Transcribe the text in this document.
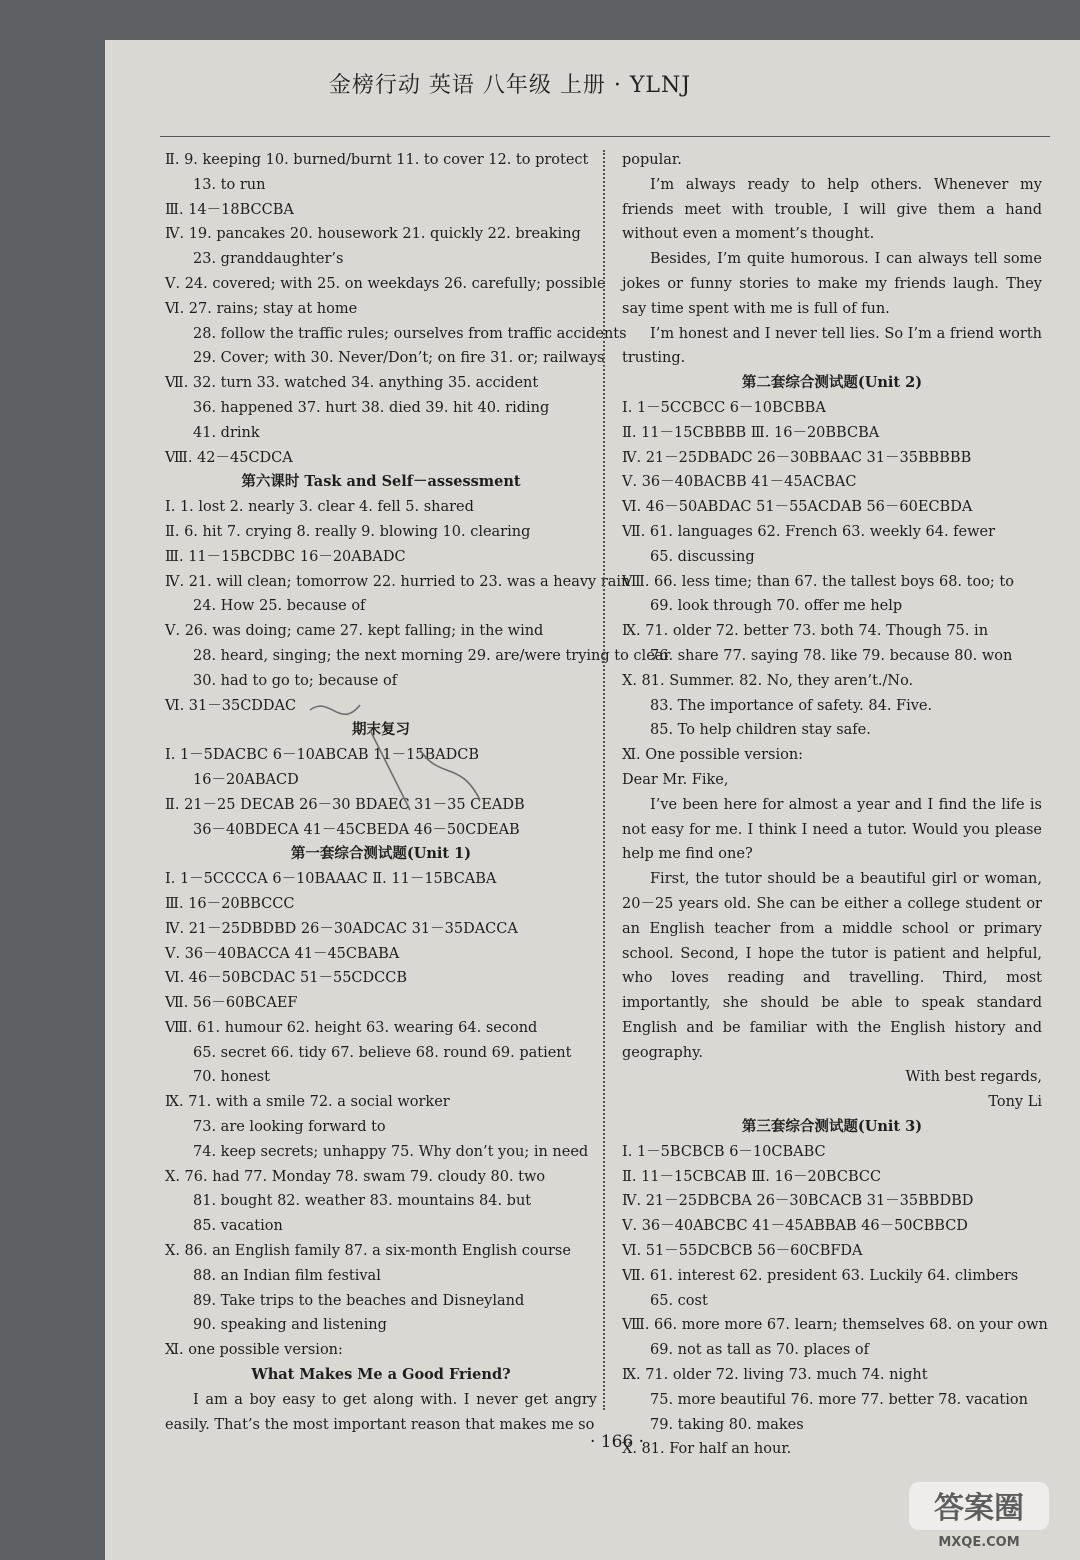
金榜行动 英语 八年级 上册 · YLNJ
Ⅱ. 9. keeping 10. burned/burnt 11. to cover 12. to protect
13. to run
Ⅲ. 14－18BCCBA
Ⅳ. 19. pancakes 20. housework 21. quickly 22. breaking
23. granddaughter’s
Ⅴ. 24. covered; with 25. on weekdays 26. carefully; possible
Ⅵ. 27. rains; stay at home
28. follow the traffic rules; ourselves from traffic accidents
29. Cover; with 30. Never/Don’t; on fire 31. or; railways
Ⅶ. 32. turn 33. watched 34. anything 35. accident
36. happened 37. hurt 38. died 39. hit 40. riding
41. drink
Ⅷ. 42－45CDCA
第六课时 Task and Self－assessment
Ⅰ. 1. lost 2. nearly 3. clear 4. fell 5. shared
Ⅱ. 6. hit 7. crying 8. really 9. blowing 10. clearing
Ⅲ. 11－15BCDBC 16－20ABADC
Ⅳ. 21. will clean; tomorrow 22. hurried to 23. was a heavy rain
24. How 25. because of
Ⅴ. 26. was doing; came 27. kept falling; in the wind
28. heard, singing; the next morning 29. are/were trying to clear
30. had to go to; because of
Ⅵ. 31－35CDDAC
期末复习
Ⅰ. 1－5DACBC 6－10ABCAB 11－15BADCB
16－20ABACD
Ⅱ. 21－25 DECAB 26－30 BDAEC 31－35 CEADB
36－40BDECA 41－45CBEDA 46－50CDEAB
第一套综合测试题(Unit 1)
Ⅰ. 1－5CCCCA 6－10BAAAC Ⅱ. 11－15BCABA
Ⅲ. 16－20BBCCC
Ⅳ. 21－25DBDBD 26－30ADCAC 31－35DACCA
Ⅴ. 36－40BACCA 41－45CBABA
Ⅵ. 46－50BCDAC 51－55CDCCB
Ⅶ. 56－60BCAEF
Ⅷ. 61. humour 62. height 63. wearing 64. second
65. secret 66. tidy 67. believe 68. round 69. patient
70. honest
Ⅸ. 71. with a smile 72. a social worker
73. are looking forward to
74. keep secrets; unhappy 75. Why don’t you; in need
Ⅹ. 76. had 77. Monday 78. swam 79. cloudy 80. two
81. bought 82. weather 83. mountains 84. but
85. vacation
Ⅹ. 86. an English family 87. a six-month English course
88. an Indian film festival
89. Take trips to the beaches and Disneyland
90. speaking and listening
Ⅺ. one possible version:
What Makes Me a Good Friend?
I am a boy easy to get along with. I never get angry easily. That’s the most important reason that makes me so
popular.
I’m always ready to help others. Whenever my friends meet with trouble, I will give them a hand without even a moment’s thought.
Besides, I’m quite humorous. I can always tell some jokes or funny stories to make my friends laugh. They say time spent with me is full of fun.
I’m honest and I never tell lies. So I’m a friend worth trusting.
第二套综合测试题(Unit 2)
Ⅰ. 1－5CCBCC 6－10BCBBA
Ⅱ. 11－15CBBBB Ⅲ. 16－20BBCBA
Ⅳ. 21－25DBADC 26－30BBAAC 31－35BBBBB
Ⅴ. 36－40BACBB 41－45ACBAC
Ⅵ. 46－50ABDAC 51－55ACDAB 56－60ECBDA
Ⅶ. 61. languages 62. French 63. weekly 64. fewer
65. discussing
Ⅷ. 66. less time; than 67. the tallest boys 68. too; to
69. look through 70. offer me help
Ⅸ. 71. older 72. better 73. both 74. Though 75. in
76. share 77. saying 78. like 79. because 80. won
Ⅹ. 81. Summer. 82. No, they aren’t./No.
83. The importance of safety. 84. Five.
85. To help children stay safe.
Ⅺ. One possible version:
Dear Mr. Fike,
I’ve been here for almost a year and I find the life is not easy for me. I think I need a tutor. Would you please help me find one?
First, the tutor should be a beautiful girl or woman, 20－25 years old. She can be either a college student or an English teacher from a middle school or primary school. Second, I hope the tutor is patient and helpful, who loves reading and travelling. Third, most importantly, she should be able to speak standard English and be familiar with the English history and geography.
With best regards,
Tony Li
第三套综合测试题(Unit 3)
Ⅰ. 1－5BCBCB 6－10CBABC
Ⅱ. 11－15CBCAB Ⅲ. 16－20BCBCC
Ⅳ. 21－25DBCBA 26－30BCACB 31－35BBDBD
Ⅴ. 36－40ABCBC 41－45ABBAB 46－50CBBCD
Ⅵ. 51－55DCBCB 56－60CBFDA
Ⅶ. 61. interest 62. president 63. Luckily 64. climbers
65. cost
Ⅷ. 66. more more 67. learn; themselves 68. on your own
69. not as tall as 70. places of
Ⅸ. 71. older 72. living 73. much 74. night
75. more beautiful 76. more 77. better 78. vacation
79. taking 80. makes
Ⅹ. 81. For half an hour.
· 166 ·
答案圈
MXQE.COM
